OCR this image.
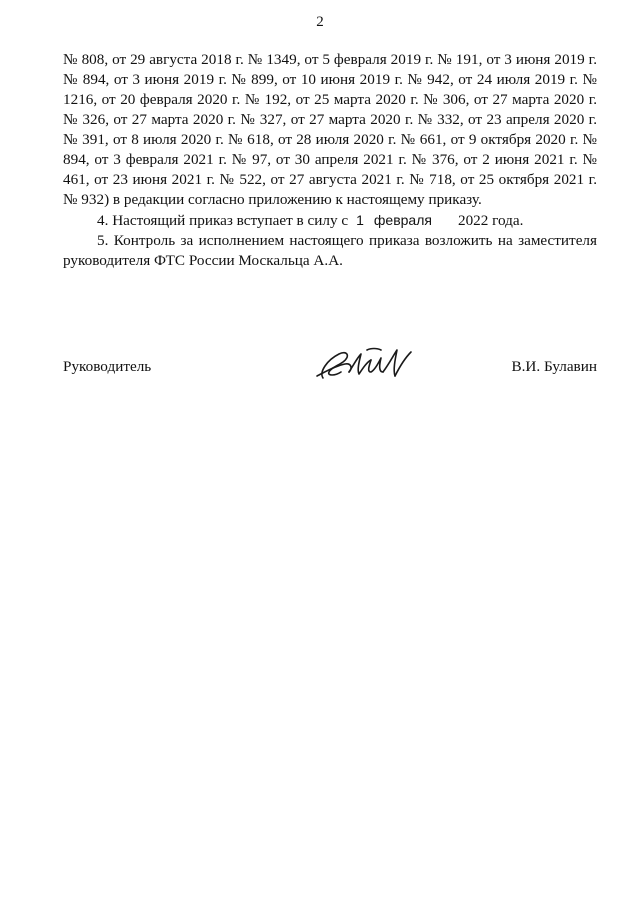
2

№ 808, от 29 августа 2018 г. № 1349, от 5 февраля 2019 г. № 191, от 3 июня 2019 г. № 894, от 3 июня 2019 г. № 899, от 10 июня 2019 г. № 942, от 24 июля 2019 г. № 1216, от 20 февраля 2020 г. № 192, от 25 марта 2020 г. № 306, от 27 марта 2020 г. № 326, от 27 марта 2020 г. № 327, от 27 марта 2020 г. № 332, от 23 апреля 2020 г. № 391, от 8 июля 2020 г. № 618, от 28 июля 2020 г. № 661, от 9 октября 2020 г. № 894, от 3 февраля 2021 г. № 97, от 30 апреля 2021 г. № 376, от 2 июня 2021 г. № 461, от 23 июня 2021 г. № 522, от 27 августа 2021 г. № 718, от 25 октября 2021 г. № 932) в редакции согласно приложению к настоящему приказу.

4. Настоящий приказ вступает в силу с 1 февраля 2022 года.

5. Контроль за исполнением настоящего приказа возложить на заместителя руководителя ФТС России Москальца А.А.

Руководитель	В.И. Булавин
